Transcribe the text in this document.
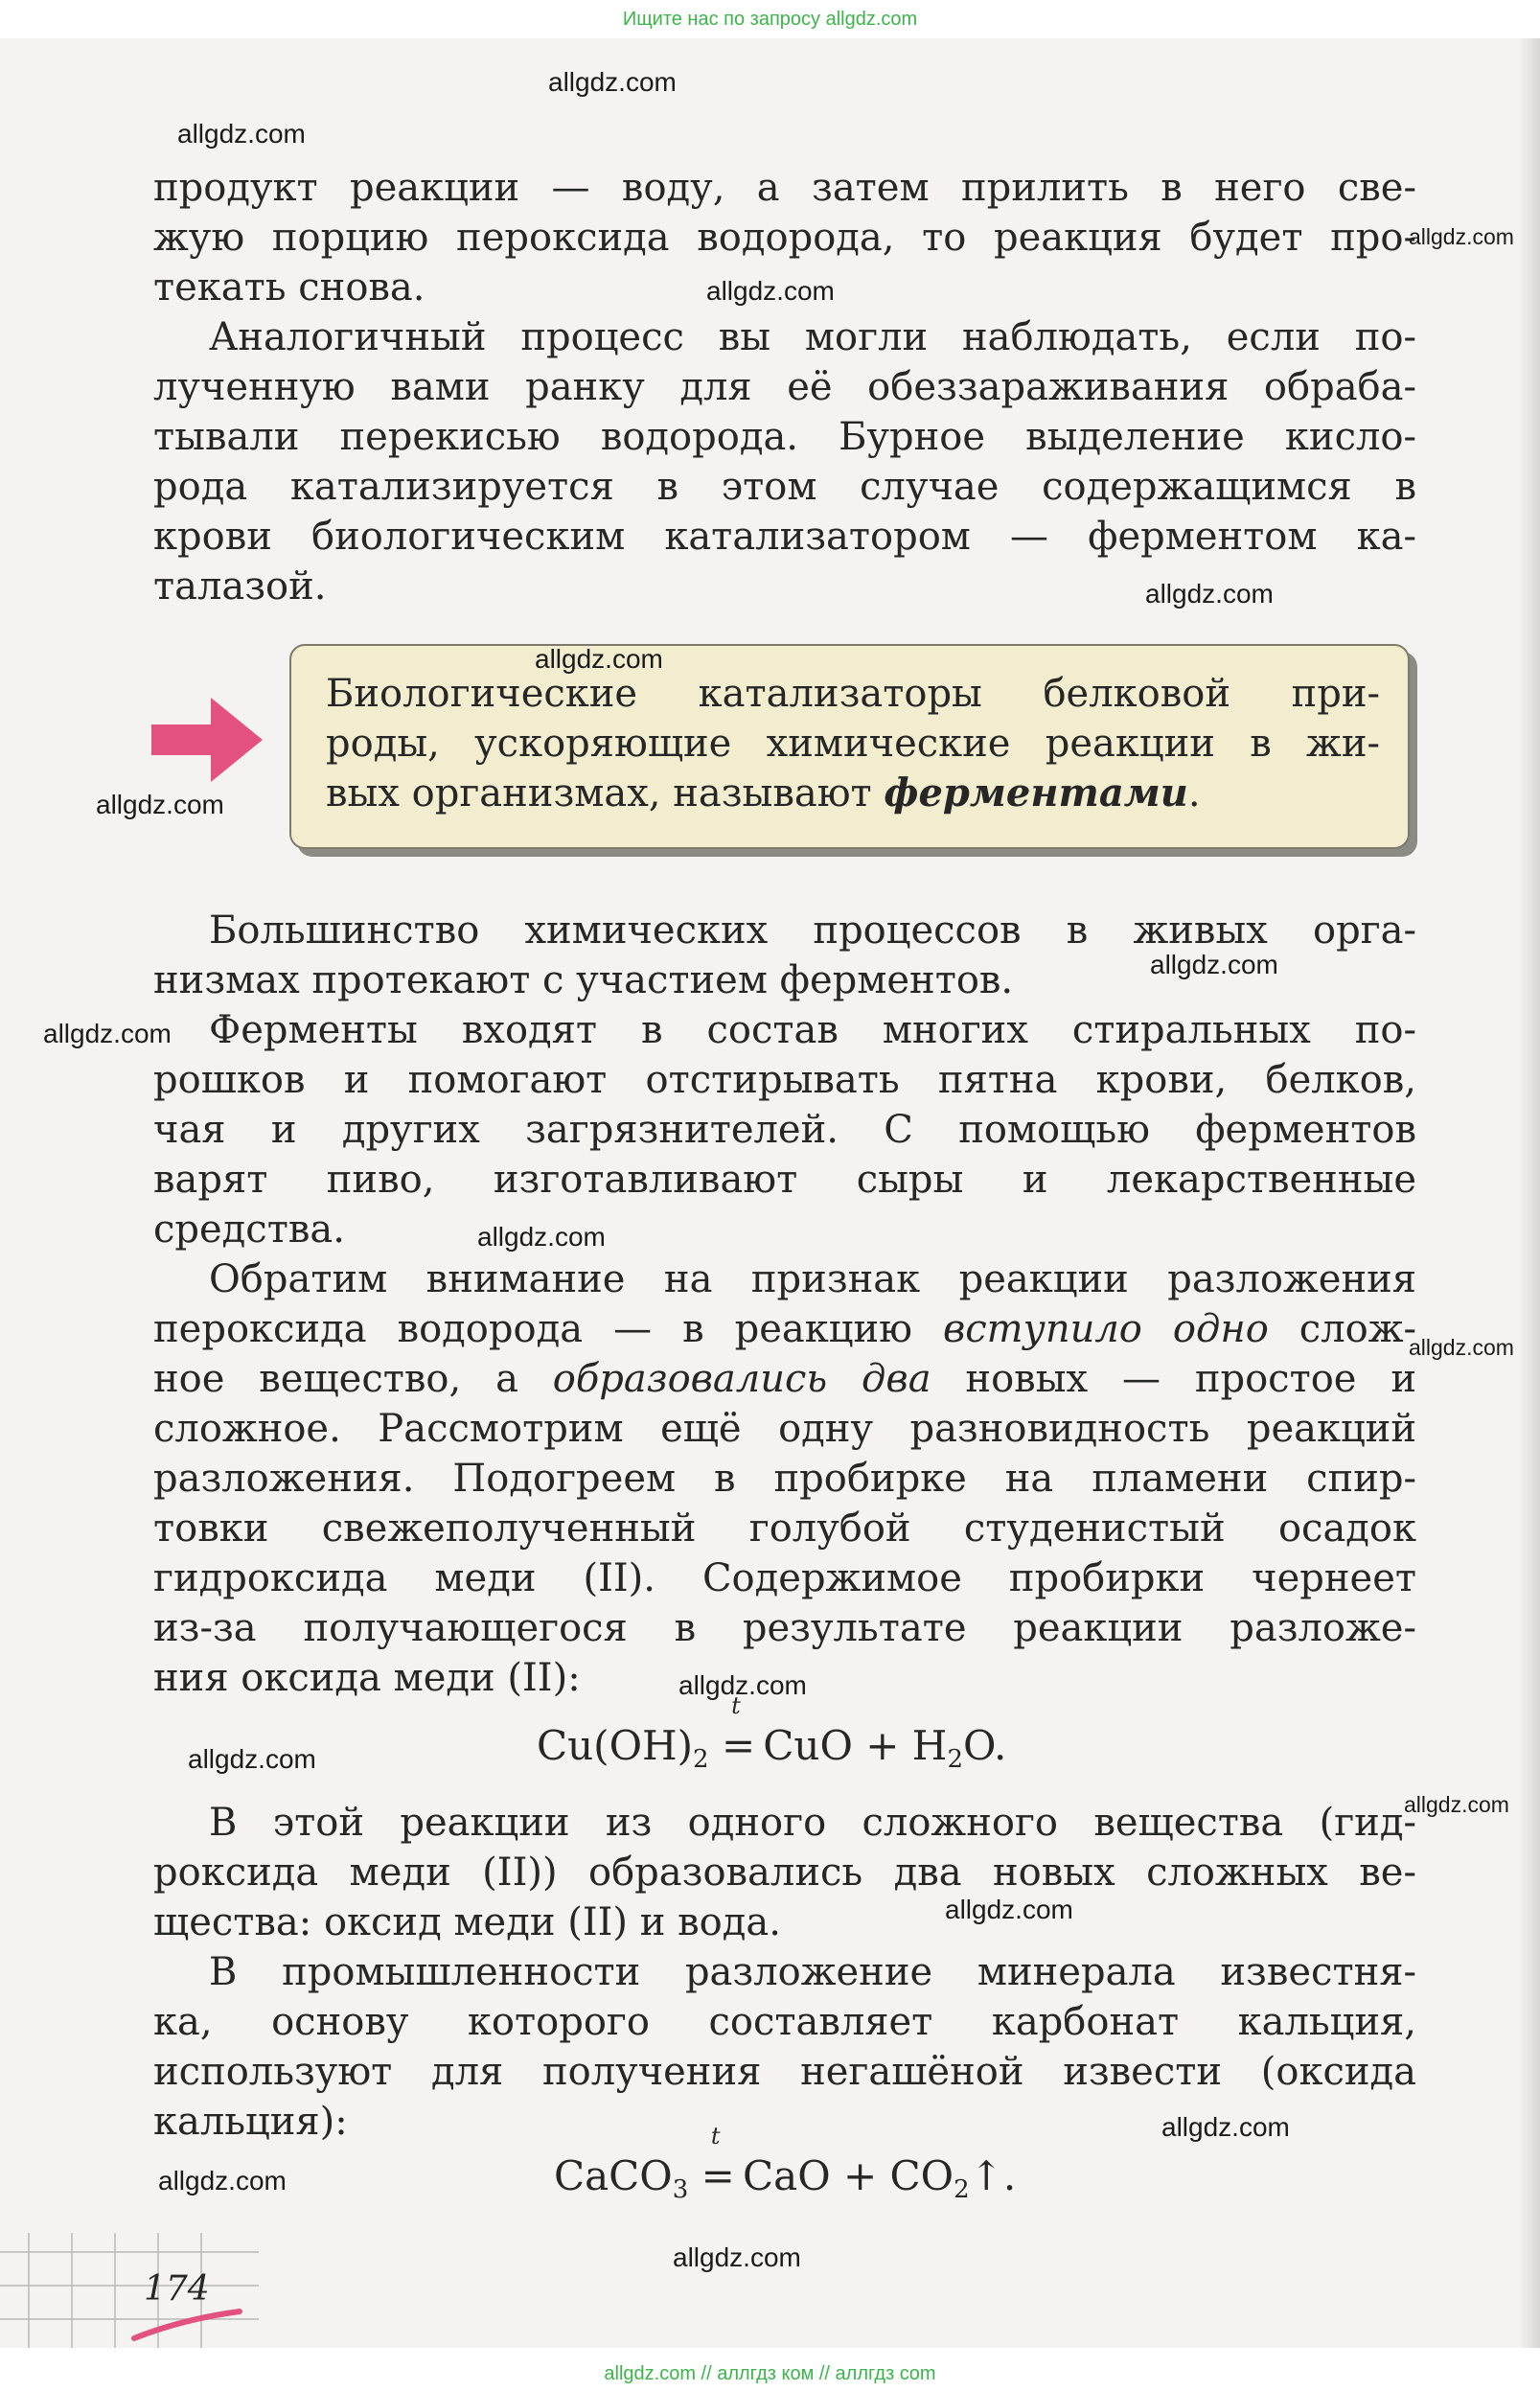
Ищите нас по запросу allgdz.com
продукт реакции — воду, а затем прилить в него све-
жую порцию пероксида водорода, то реакция будет про-
текать снова.
Аналогичный процесс вы могли наблюдать, если по-
лученную вами ранку для её обеззараживания обраба-
тывали перекисью водорода. Бурное выделение кисло-
рода катализируется в этом случае содержащимся в
крови биологическим катализатором — ферментом ка-
талазой.
Биологические катализаторы белковой при-
роды, ускоряющие химические реакции в жи-
вых организмах, называют ферментами.
Большинство химических процессов в живых орга-
низмах протекают с участием ферментов.
Ферменты входят в состав многих стиральных по-
рошков и помогают отстирывать пятна крови, белков,
чая и других загрязнителей. С помощью ферментов
варят пиво, изготавливают сыры и лекарственные
средства.
Обратим внимание на признак реакции разложения
пероксида водорода — в реакцию вступило одно слож-
ное вещество, а образовались два новых — простое и
сложное. Рассмотрим ещё одну разновидность реакций
разложения. Подогреем в пробирке на пламени спир-
товки свежеполученный голубой студенистый осадок
гидроксида меди (II). Содержимое пробирки чернеет
из-за получающегося в результате реакции разложе-
ния оксида меди (II):
$Cu(OH)_2$
t
= CuO + $H_2O$.
В этой реакции из одного сложного вещества (гид-
роксида меди (II)) образовались два новых сложных ве-
щества: оксид меди (II) и вода.
В промышленности разложение минерала известня-
ка, основу которого составляет карбонат кальция,
используют для получения негашёной извести (оксида
кальция):
CaCO$_3$
t
= CaO + $CO_2↑$.
174
allgdz.com
allgdz.com
allgdz.com
allgdz.com
allgdz.com
allgdz.com
allgdz.com
allgdz.com
allgdz.com
allgdz.com
allgdz.com
allgdz.com
allgdz.com
allgdz.com
allgdz.com
allgdz.com
allgdz.com
allgdz.com
allgdz.com // аллгдз ком // аллгдз com
